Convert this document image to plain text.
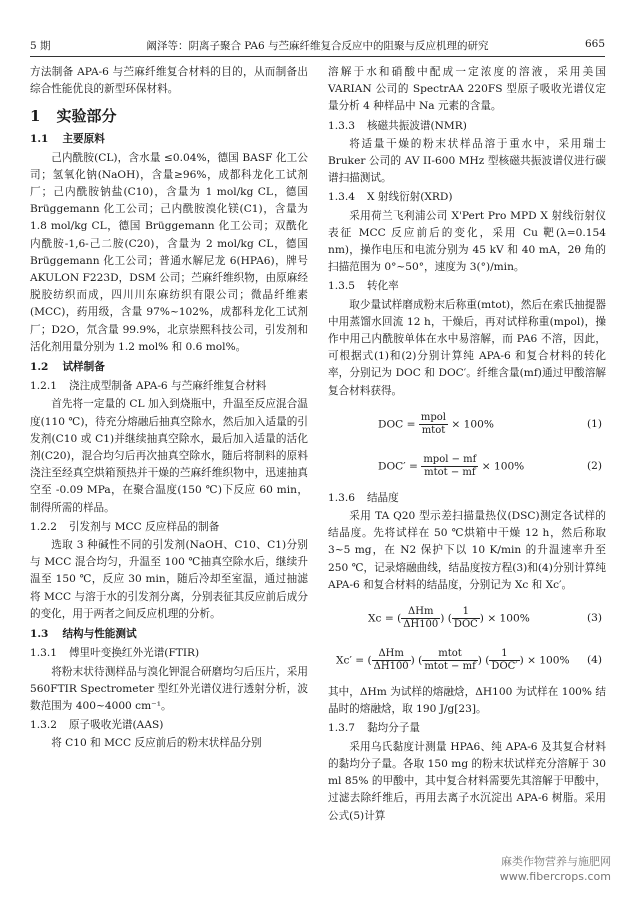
5 期	阚泽等：阴离子聚合 PA6 与苎麻纤维复合反应中的阻聚与反应机理的研究	665

方法制备 APA-6 与苎麻纤维复合材料的目的，从而制备出综合性能优良的新型环保材料。

1 实验部分
1.1 主要原料

己内酰胺(CL)，含水量 ≤0.04%，德国 BASF 化工公司；氢氧化钠(NaOH)，含量≥96%，成都科龙化工试剂厂；己内酰胺钠盐(C10)，含量为 1 mol/kg CL，德国 Brüggemann 化工公司；己内酰胺溴化镁(C1)，含量为 1.8 mol/kg CL，德国 Brüggemann 化工公司；双酰化内酰胺-1,6-己二胺(C20)，含量为 2 mol/kg CL，德国 Brüggemann 化工公司；普通水解尼龙 6(HPA6)，牌号 AKULON F223D，DSM 公司；苎麻纤维织物，由原麻经脱胶纺织而成，四川川东麻纺织有限公司；微晶纤维素(MCC)，药用级，含量 97%~102%，成都科龙化工试剂厂；D2O，氘含量 99.9%，北京崇熙科技公司，引发剂和活化剂用量分别为 1.2 mol% 和 0.6 mol%。

1.2 试样制备
1.2.1 浇注成型制备 APA-6 与苎麻纤维复合材料

首先将一定量的 CL 加入到烧瓶中，升温至反应混合温度(110 ℃)，待充分熔融后抽真空除水，然后加入适量的引发剂(C10 或 C1)并继续抽真空除水，最后加入适量的活化剂(C20)，混合均匀后再次抽真空除水，随后将制料的原料浇注至经真空烘箱预热并干燥的苎麻纤维织物中，迅速抽真空至 -0.09 MPa，在聚合温度(150 ℃)下反应 60 min，制得所需的样品。

1.2.2 引发剂与 MCC 反应样品的制备

选取 3 种碱性不同的引发剂(NaOH、C10、C1)分别与 MCC 混合均匀，升温至 100 ℃抽真空除水后，继续升温至 150 ℃，反应 30 min，随后冷却至室温，通过抽滤将 MCC 与溶于水的引发剂分离，分别表征其反应前后成分的变化，用于两者之间反应机理的分析。

1.3 结构与性能测试
1.3.1 傅里叶变换红外光谱(FTIR)

将粉末状待测样品与溴化钾混合研磨均匀后压片，采用 560FTIR Spectrometer 型红外光谱仪进行透射分析，波数范围为 400~4000 cm⁻¹。

1.3.2 原子吸收光谱(AAS)

将 C10 和 MCC 反应前后的粉末状样品分别

溶解于水和硝酸中配成一定浓度的溶液，采用美国 VARIAN 公司的 SpectrAA 220FS 型原子吸收光谱仪定量分析 4 种样品中 Na 元素的含量。

1.3.3 核磁共振波谱(NMR)

将适量干燥的粉末状样品溶于重水中，采用瑞士 Bruker 公司的 AV II-600 MHz 型核磁共振波谱仪进行碳谱扫描测试。

1.3.4 X 射线衍射(XRD)

采用荷兰飞利浦公司 X'Pert Pro MPD X 射线衍射仪表征 MCC 反应前后的变化，采用 Cu 靶(λ=0.154 nm)，操作电压和电流分别为 45 kV 和 40 mA，2θ 角的扫描范围为 0°~50°，速度为 3(°)/min。

1.3.5 转化率

取少量试样磨成粉末后称重(mtot)，然后在索氏抽提器中用蒸馏水回流 12 h，干燥后，再对试样称重(mpol)，操作中用己内酰胺单体在水中易溶解，而 PA6 不溶，因此，可根据式(1)和(2)分别计算纯 APA-6 和复合材料的转化率，分别记为 DOC 和 DOC′。纤维含量(mf)通过甲酸溶解复合材料获得。

DOC = $\frac{\text{mpol}}{\text{mtot}} \times 100\%$	(1)
$DOC' = \frac{\text{mpol − mf}}{\text{mtot − mf}} \times 100\%$	(2)
1.3.6 结晶度

采用 TA Q20 型示差扫描量热仪(DSC)测定各试样的结晶度。先将试样在 50 ℃烘箱中干燥 12 h，然后称取 3~5 mg，在 N2 保护下以 10 K/min 的升温速率升至 250 ℃，记录熔融曲线，结晶度按方程(3)和(4)分别计算纯 APA-6 和复合材料的结晶度，分别记为 Xc 和 Xc′。

Xc = ( $\frac{\text{ΔHm}}{\Delta H100}$ ) ( $\frac{1}{\text{DOC}}$ ) × 100%	(3)
Xc′ = ( $\frac{\text{ΔHm}}{\Delta H100}$ ) ( $\frac{\text{mtot}}{\text{mtot − mf}}$ ) ( $\frac{1}{\text{DOC′}}$ ) × 100% (4)

其中，ΔHm 为试样的熔融焓，ΔH100 为试样在 100% 结晶时的熔融焓，取 190 J/g[23]。

1.3.7 黏均分子量

采用乌氏黏度计测量 HPA6、纯 APA-6 及其复合材料的黏均分子量。各取 150 mg 的粉末状试样充分溶解于 30 ml 85% 的甲酸中，其中复合材料需要先其溶解于甲酸中，过滤去除纤维后，再用去离子水沉淀出 APA-6 树脂。采用公式(5)计算

麻类作物营养与施肥网
www.fibercrops.com
